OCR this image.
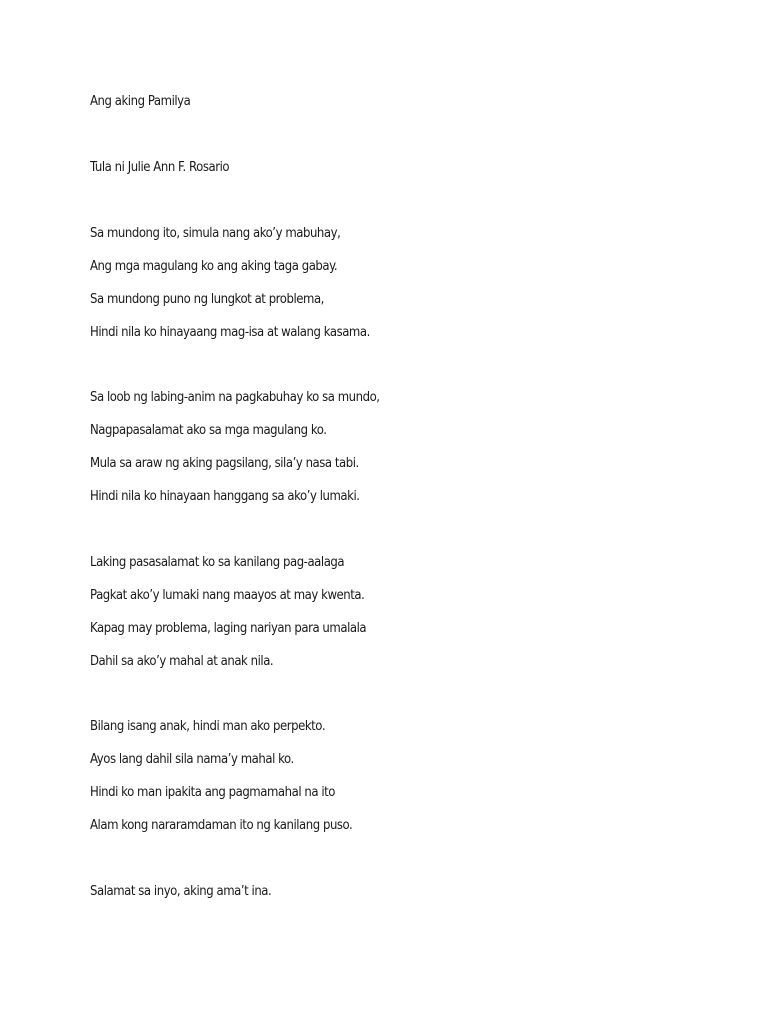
Ang aking Pamilya
Tula ni Julie Ann F. Rosario
Sa mundong ito, simula nang ako’y mabuhay,
Ang mga magulang ko ang aking taga gabay.
Sa mundong puno ng lungkot at problema,
Hindi nila ko hinayaang mag-isa at walang kasama.
Sa loob ng labing-anim na pagkabuhay ko sa mundo,
Nagpapasalamat ako sa mga magulang ko.
Mula sa araw ng aking pagsilang, sila’y nasa tabi.
Hindi nila ko hinayaan hanggang sa ako’y lumaki.
Laking pasasalamat ko sa kanilang pag-aalaga
Pagkat ako’y lumaki nang maayos at may kwenta.
Kapag may problema, laging nariyan para umalala
Dahil sa ako’y mahal at anak nila.
Bilang isang anak, hindi man ako perpekto.
Ayos lang dahil sila nama’y mahal ko.
Hindi ko man ipakita ang pagmamahal na ito
Alam kong nararamdaman ito ng kanilang puso.
Salamat sa inyo, aking ama’t ina.
